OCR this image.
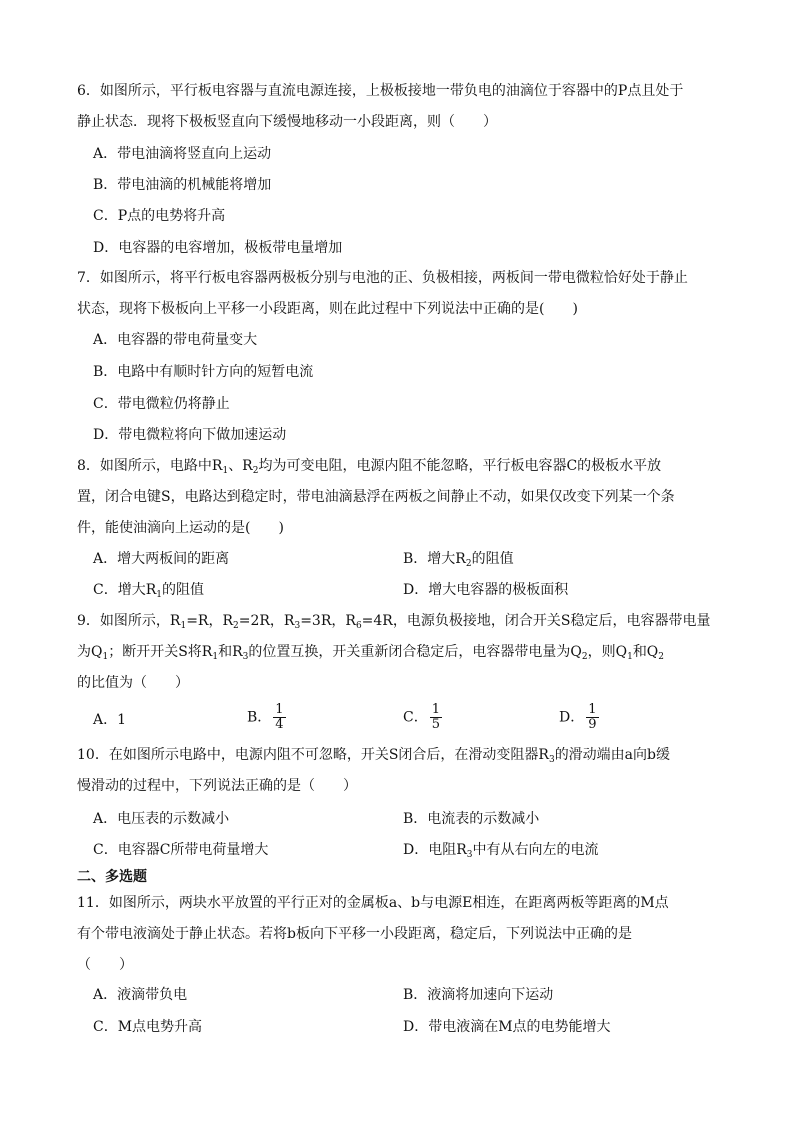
6．如图所示，平行板电容器与直流电源连接，上极板接地一带负电的油滴位于容器中的P点且处于
静止状态．现将下极板竖直向下缓慢地移动一小段距离，则（　　）
A．带电油滴将竖直向上运动
B．带电油滴的机械能将增加
C．P点的电势将升高
D．电容器的电容增加，极板带电量增加
7．如图所示，将平行板电容器两极板分别与电池的正、负极相接，两板间一带电微粒恰好处于静止
状态，现将下极板向上平移一小段距离，则在此过程中下列说法中正确的是(　　)
A．电容器的带电荷量变大
B．电路中有顺时针方向的短暂电流
C．带电微粒仍将静止
D．带电微粒将向下做加速运动
8．如图所示，电路中$R_1$、$R_2$均为可变电阻，电源内阻不能忽略，平行板电容器C的极板水平放
置，闭合电键S，电路达到稳定时，带电油滴悬浮在两板之间静止不动，如果仅改变下列某一个条
件，能使油滴向上运动的是(　　)
A．增大两板间的距离	B．增大$R_2$的阻值
C．增大$R_1$的阻值	D．增大电容器的极板面积
9．如图所示，$R_1=R$，$R_2=2R$，$R_3=3R$，$R_6=4R$，电源负极接地，闭合开关S稳定后，电容器带电量
为$Q_1$；断开开关S将$R_1$和$R_3$的位置互换，开关重新闭合稳定后，电容器带电量为$Q_2$，则$Q_1$和$Q_2$
的比值为（　　）
A．1	B． $\frac{1}{4}$	C． $\frac{1}{5}$	D． $\frac{1}{9}$
10．在如图所示电路中，电源内阻不可忽略，开关S闭合后，在滑动变阻器$R_3$的滑动端由a向b缓
慢滑动的过程中，下列说法正确的是（　　）
A．电压表的示数减小	B．电流表的示数减小
C．电容器C所带电荷量增大	D．电阻$R_3$中有从右向左的电流
二、多选题
11．如图所示，两块水平放置的平行正对的金属板a、b与电源E相连，在距离两板等距离的M点
有个带电液滴处于静止状态。若将b板向下平移一小段距离，稳定后，下列说法中正确的是
（　　）
A．液滴带负电	B．液滴将加速向下运动
C．M点电势升高	D．带电液滴在M点的电势能增大
